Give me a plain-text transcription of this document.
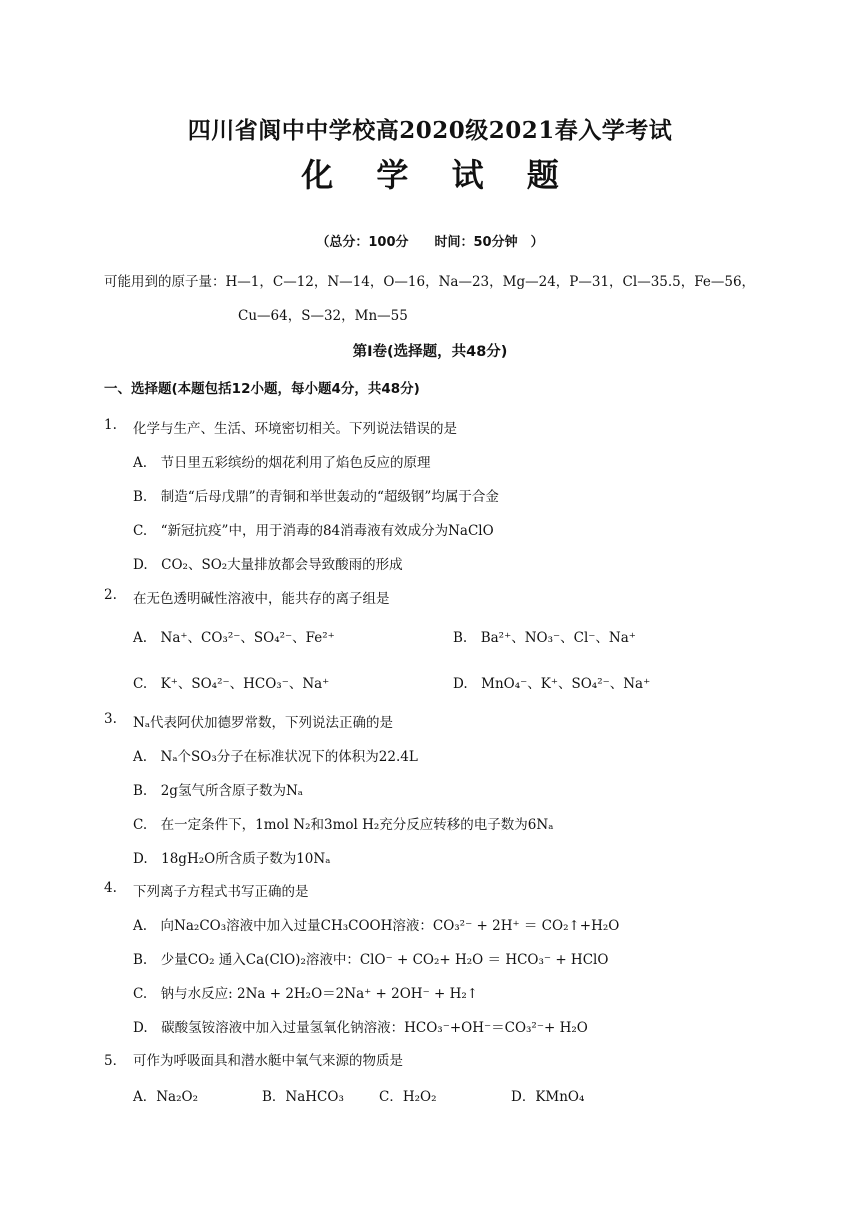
四川省阆中中学校高2020级2021春入学考试
化 学 试 题
（总分：100分　　时间：50分钟　）
可能用到的原子量：H—1，C—12，N—14，O—16，Na—23，Mg—24，P—31，Cl—35.5，Fe—56，
Cu—64，S—32，Mn—55
第Ⅰ卷(选择题，共48分)
一、选择题(本题包括12小题，每小题4分，共48分)
1. 化学与生产、生活、环境密切相关。下列说法错误的是
A.　节日里五彩缤纷的烟花利用了焰色反应的原理
B.　制造“后母戊鼎”的青铜和举世轰动的“超级钢”均属于合金
C.　“新冠抗疫”中，用于消毒的84消毒液有效成分为NaClO
D.　CO₂、SO₂大量排放都会导致酸雨的形成
2. 在无色透明碱性溶液中，能共存的离子组是
A.　Na⁺、CO₃²⁻、SO₄²⁻、Fe²⁺	B.　Ba²⁺、NO₃⁻、Cl⁻、Na⁺
C.　K⁺、SO₄²⁻、HCO₃⁻、Na⁺	D.　MnO₄⁻、K⁺、SO₄²⁻、Na⁺
3. Nₐ代表阿伏加德罗常数，下列说法正确的是
A.　Nₐ个SO₃分子在标准状况下的体积为22.4L
B.　2g氢气所含原子数为Nₐ
C.　在一定条件下，1mol N₂和3mol H₂充分反应转移的电子数为6Nₐ
D.　18gH₂O所含质子数为10Nₐ
4. 下列离子方程式书写正确的是
A.　向Na₂CO₃溶液中加入过量CH₃COOH溶液：CO₃²⁻ + 2H⁺ ＝ CO₂↑+H₂O
B.　少量CO₂ 通入Ca(ClO)₂溶液中：ClO⁻ + CO₂+ H₂O ＝ HCO₃⁻ + HClO
C.　钠与水反应: 2Na + 2H₂O＝2Na⁺ + 2OH⁻ + H₂↑
D.　碳酸氢铵溶液中加入过量氢氧化钠溶液：HCO₃⁻+OH⁻＝CO₃²⁻+ H₂O
5． 可作为呼吸面具和潜水艇中氧气来源的物质是
A．Na₂O₂	B．NaHCO₃	C．H₂O₂	D．KMnO₄
